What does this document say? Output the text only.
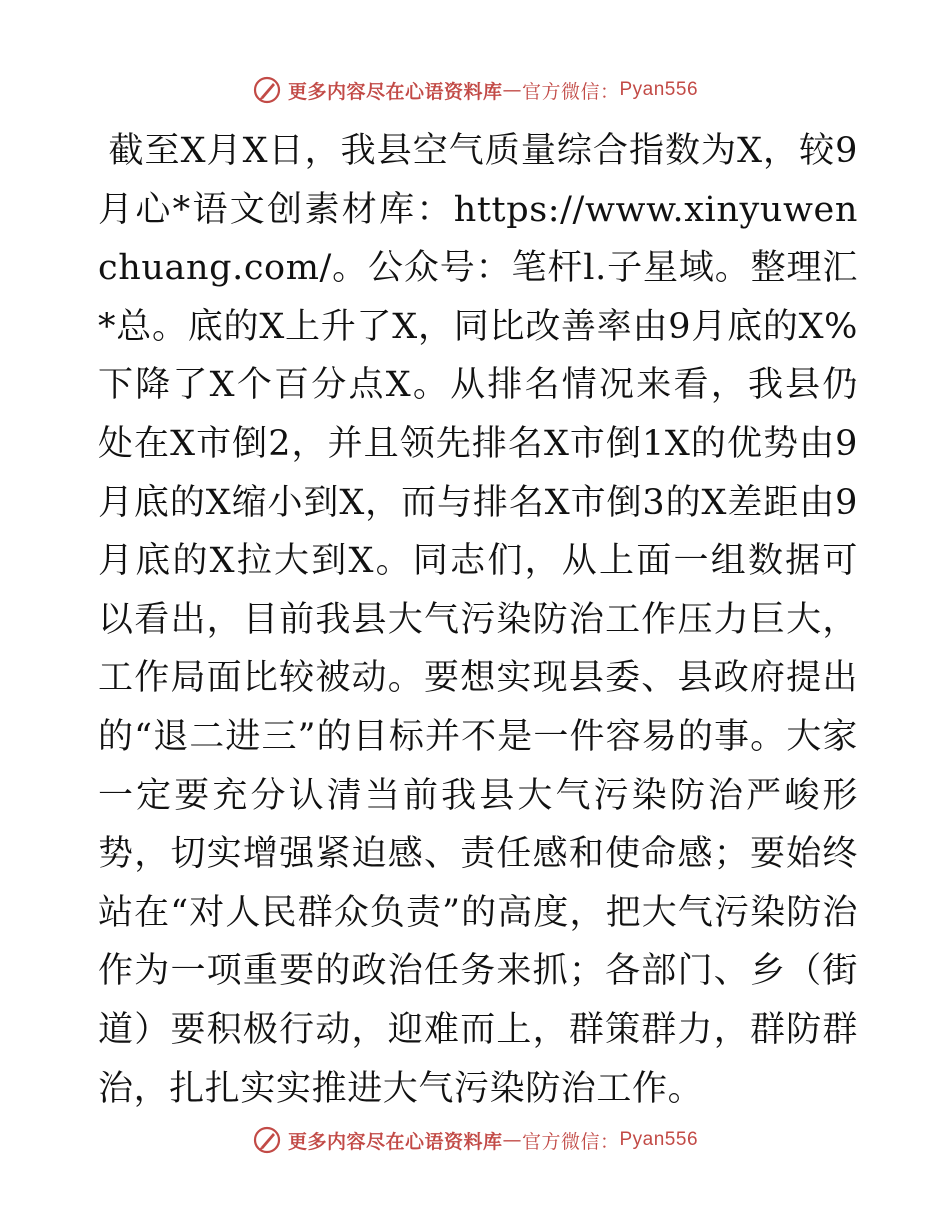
更多内容尽在心语资料库 — 官方微信： Pyan556

截至X月X日，我县空气质量综合指数为X，较9月心*语文创素材库：https://www.xinyuwenchuang.com/。公众号：笔杆l.子星域。整理汇*总。底的X上升了X，同比改善率由9月底的X%下降了X个百分点X。从排名情况来看，我县仍处在X市倒2，并且领先排名X市倒1X的优势由9月底的X缩小到X，而与排名X市倒3的X差距由9月底的X拉大到X。同志们，从上面一组数据可以看出，目前我县大气污染防治工作压力巨大，工作局面比较被动。要想实现县委、县政府提出的“退二进三”的目标并不是一件容易的事。大家一定要充分认清当前我县大气污染防治严峻形势，切实增强紧迫感、责任感和使命感；要始终站在“对人民群众负责”的高度，把大气污染防治作为一项重要的政治任务来抓；各部门、乡（街道）要积极行动，迎难而上，群策群力，群防群治，扎扎实实推进大气污染防治工作。

更多内容尽在心语资料库 — 官方微信： Pyan556
